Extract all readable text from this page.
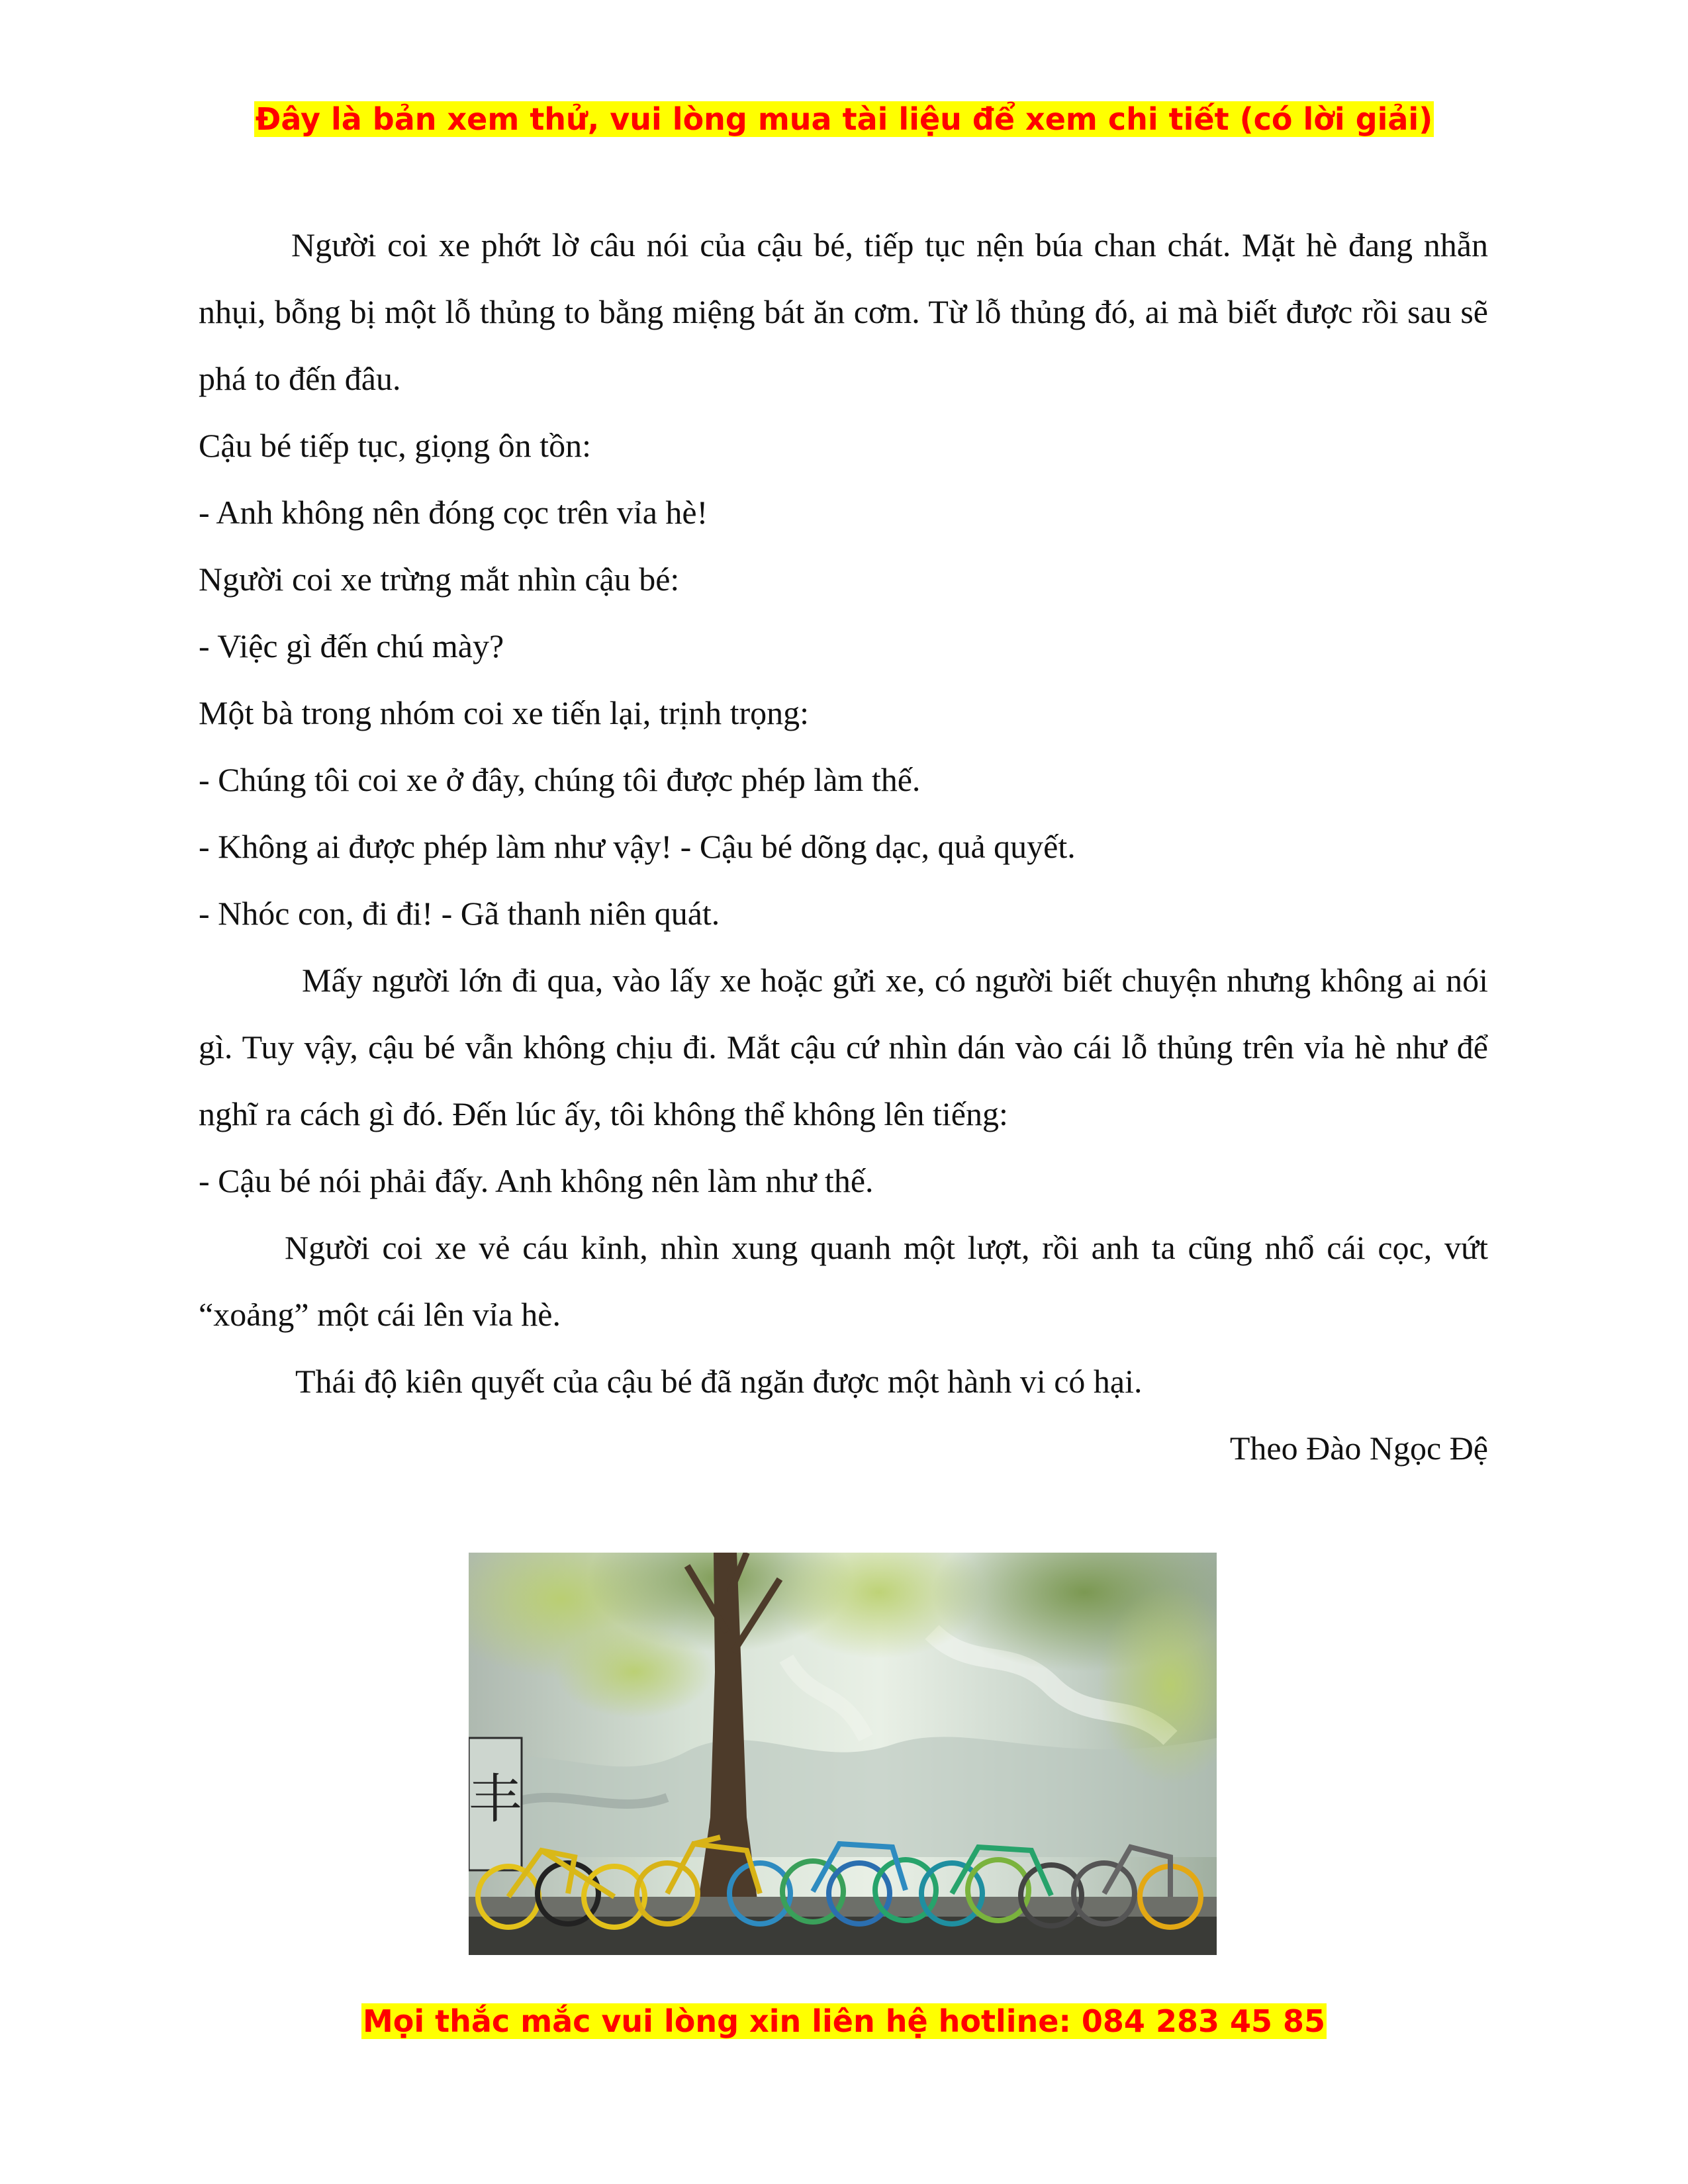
Đây là bản xem thử, vui lòng mua tài liệu để xem chi tiết (có lời giải)

Người coi xe phớt lờ câu nói của cậu bé, tiếp tục nện búa chan chát. Mặt hè đang nhẵn nhụi, bỗng bị một lỗ thủng to bằng miệng bát ăn cơm. Từ lỗ thủng đó, ai mà biết được rồi sau sẽ phá to đến đâu.

Cậu bé tiếp tục, giọng ôn tồn:

- Anh không nên đóng cọc trên vỉa hè!

Người coi xe trừng mắt nhìn cậu bé:

- Việc gì đến chú mày?

Một bà trong nhóm coi xe tiến lại, trịnh trọng:

- Chúng tôi coi xe ở đây, chúng tôi được phép làm thế.

- Không ai được phép làm như vậy! - Cậu bé dõng dạc, quả quyết.

- Nhóc con, đi đi! - Gã thanh niên quát.

Mấy người lớn đi qua, vào lấy xe hoặc gửi xe, có người biết chuyện nhưng không ai nói gì. Tuy vậy, cậu bé vẫn không chịu đi. Mắt cậu cứ nhìn dán vào cái lỗ thủng trên vỉa hè như để nghĩ ra cách gì đó. Đến lúc ấy, tôi không thể không lên tiếng:

- Cậu bé nói phải đấy. Anh không nên làm như thế.

Người coi xe vẻ cáu kỉnh, nhìn xung quanh một lượt, rồi anh ta cũng nhổ cái cọc, vứt “xoảng” một cái lên vỉa hè.

Thái độ kiên quyết của cậu bé đã ngăn được một hành vi có hại.

Theo Đào Ngọc Đệ

丰
Mọi thắc mắc vui lòng xin liên hệ hotline: 084 283 45 85
